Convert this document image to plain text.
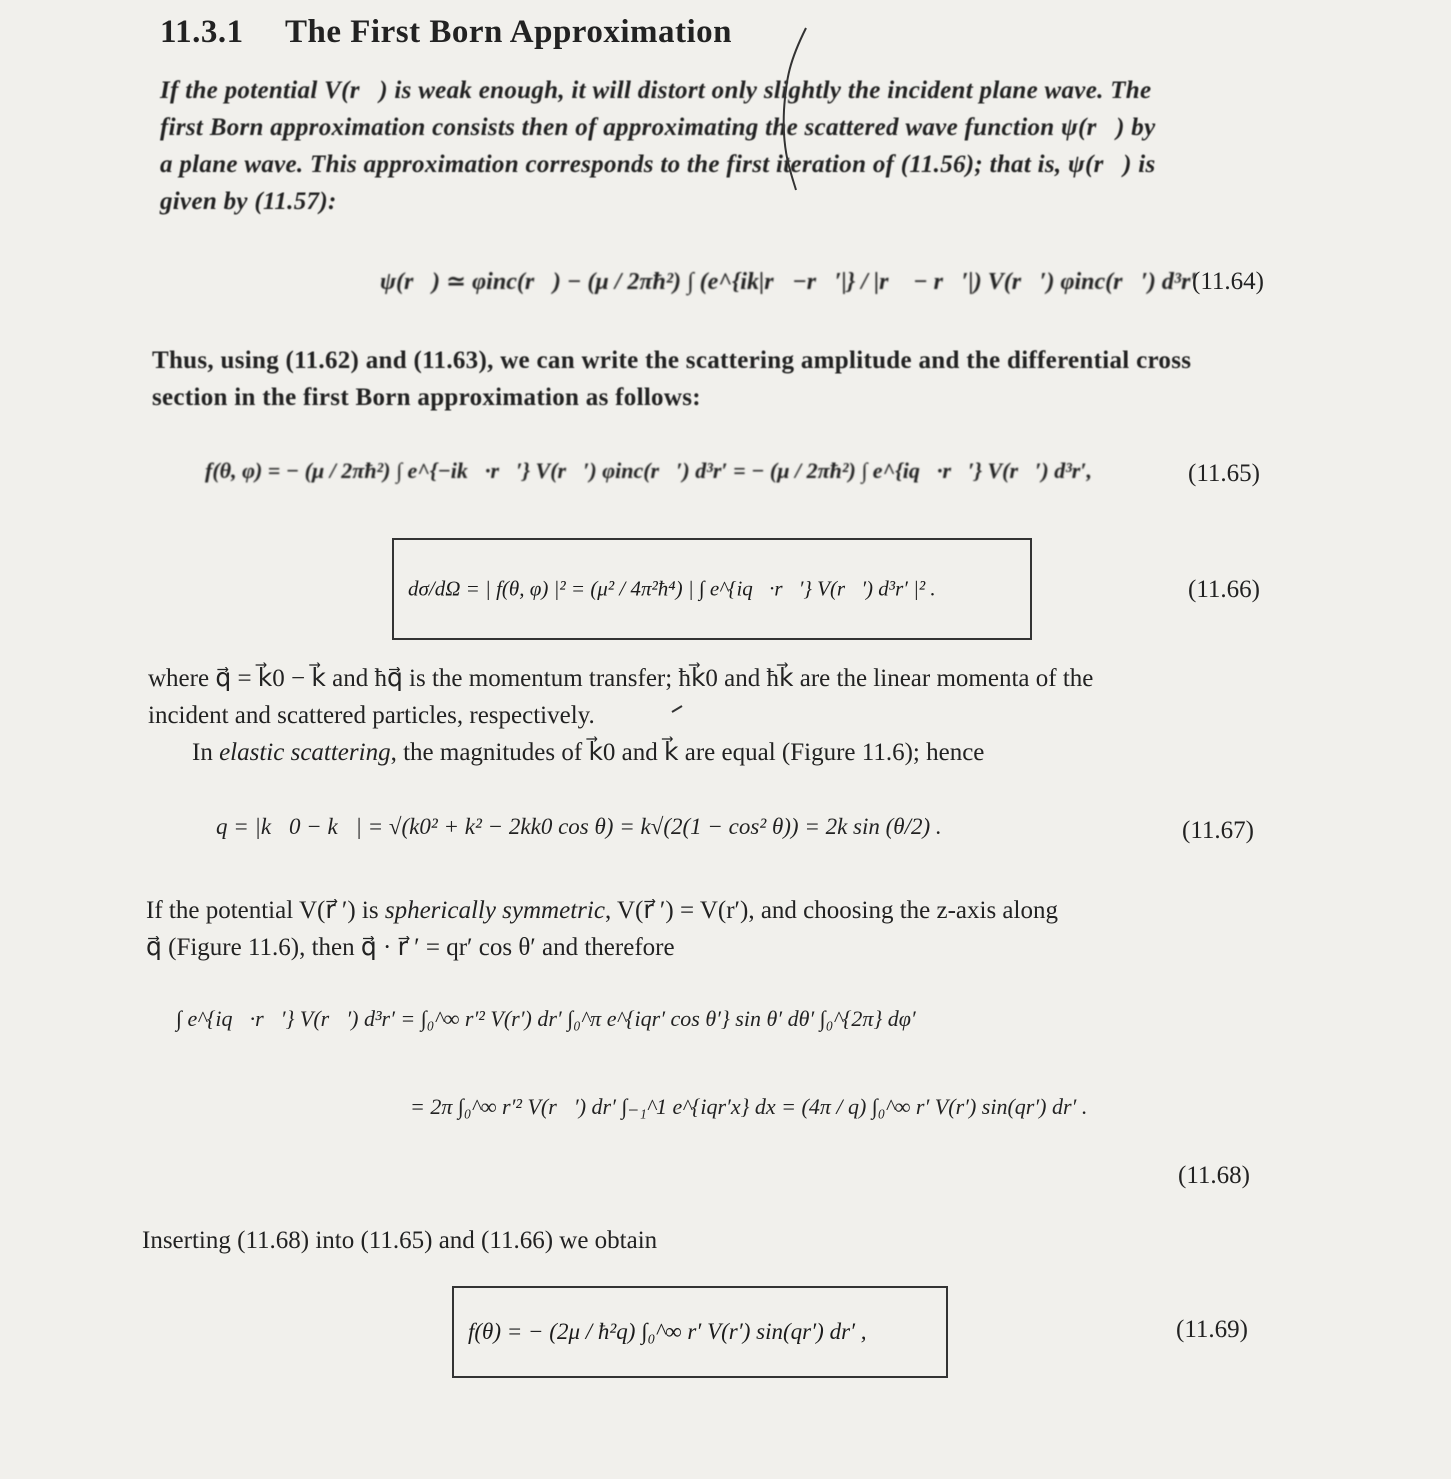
11.3.1 The First Born Approximation
If the potential V(r⃗) is weak enough, it will distort only slightly the incident plane wave. The
first Born approximation consists then of approximating the scattered wave function ψ(r⃗) by
a plane wave. This approximation corresponds to the first iteration of (11.56); that is, ψ(r⃗) is
given by (11.57):
ψ(r⃗) ≃ φinc(r⃗) − (μ / 2πħ²) ∫ (e^{ik|r⃗−r⃗′|} / |r⃗ − r⃗′|) V(r⃗′) φinc(r⃗′) d³r′
(11.64)
Thus, using (11.62) and (11.63), we can write the scattering amplitude and the differential cross
section in the first Born approximation as follows:
f(θ, φ) = − (μ / 2πħ²) ∫ e^{−ik⃗·r⃗′} V(r⃗′) φinc(r⃗′) d³r′ = − (μ / 2πħ²) ∫ e^{iq⃗·r⃗′} V(r⃗′) d³r′,	(11.65)
dσ/dΩ = | f(θ, φ) |² = (μ² / 4π²ħ⁴) | ∫ e^{iq⃗·r⃗′} V(r⃗′) d³r′ |² .	(11.66)
where q⃗ = k⃗0 − k⃗ and ħq⃗ is the momentum transfer; ħk⃗0 and ħk⃗ are the linear momenta of the
incident and scattered particles, respectively.
In elastic scattering, the magnitudes of k⃗0 and k⃗ are equal (Figure 11.6); hence
q = |k⃗0 − k⃗| = √(k0² + k² − 2kk0 cos θ) = k√(2(1 − cos² θ)) = 2k sin (θ/2) .	(11.67)
If the potential V(r⃗ ′) is spherically symmetric, V(r⃗ ′) = V(r′), and choosing the z-axis along
q⃗ (Figure 11.6), then q⃗ · r⃗ ′ = qr′ cos θ′ and therefore
∫ e^{iq⃗·r⃗′} V(r⃗′) d³r′ = ∫₀^∞ r′² V(r′) dr′ ∫₀^π e^{iqr′ cos θ′} sin θ′ dθ′ ∫₀^{2π} dφ′
= 2π ∫₀^∞ r′² V(r⃗′) dr′ ∫₋₁^1 e^{iqr′x} dx = (4π / q) ∫₀^∞ r′ V(r′) sin(qr′) dr′ .
(11.68)
Inserting (11.68) into (11.65) and (11.66) we obtain
f(θ) = − (2μ / ħ²q) ∫₀^∞ r′ V(r′) sin(qr′) dr′ ,	(11.69)
